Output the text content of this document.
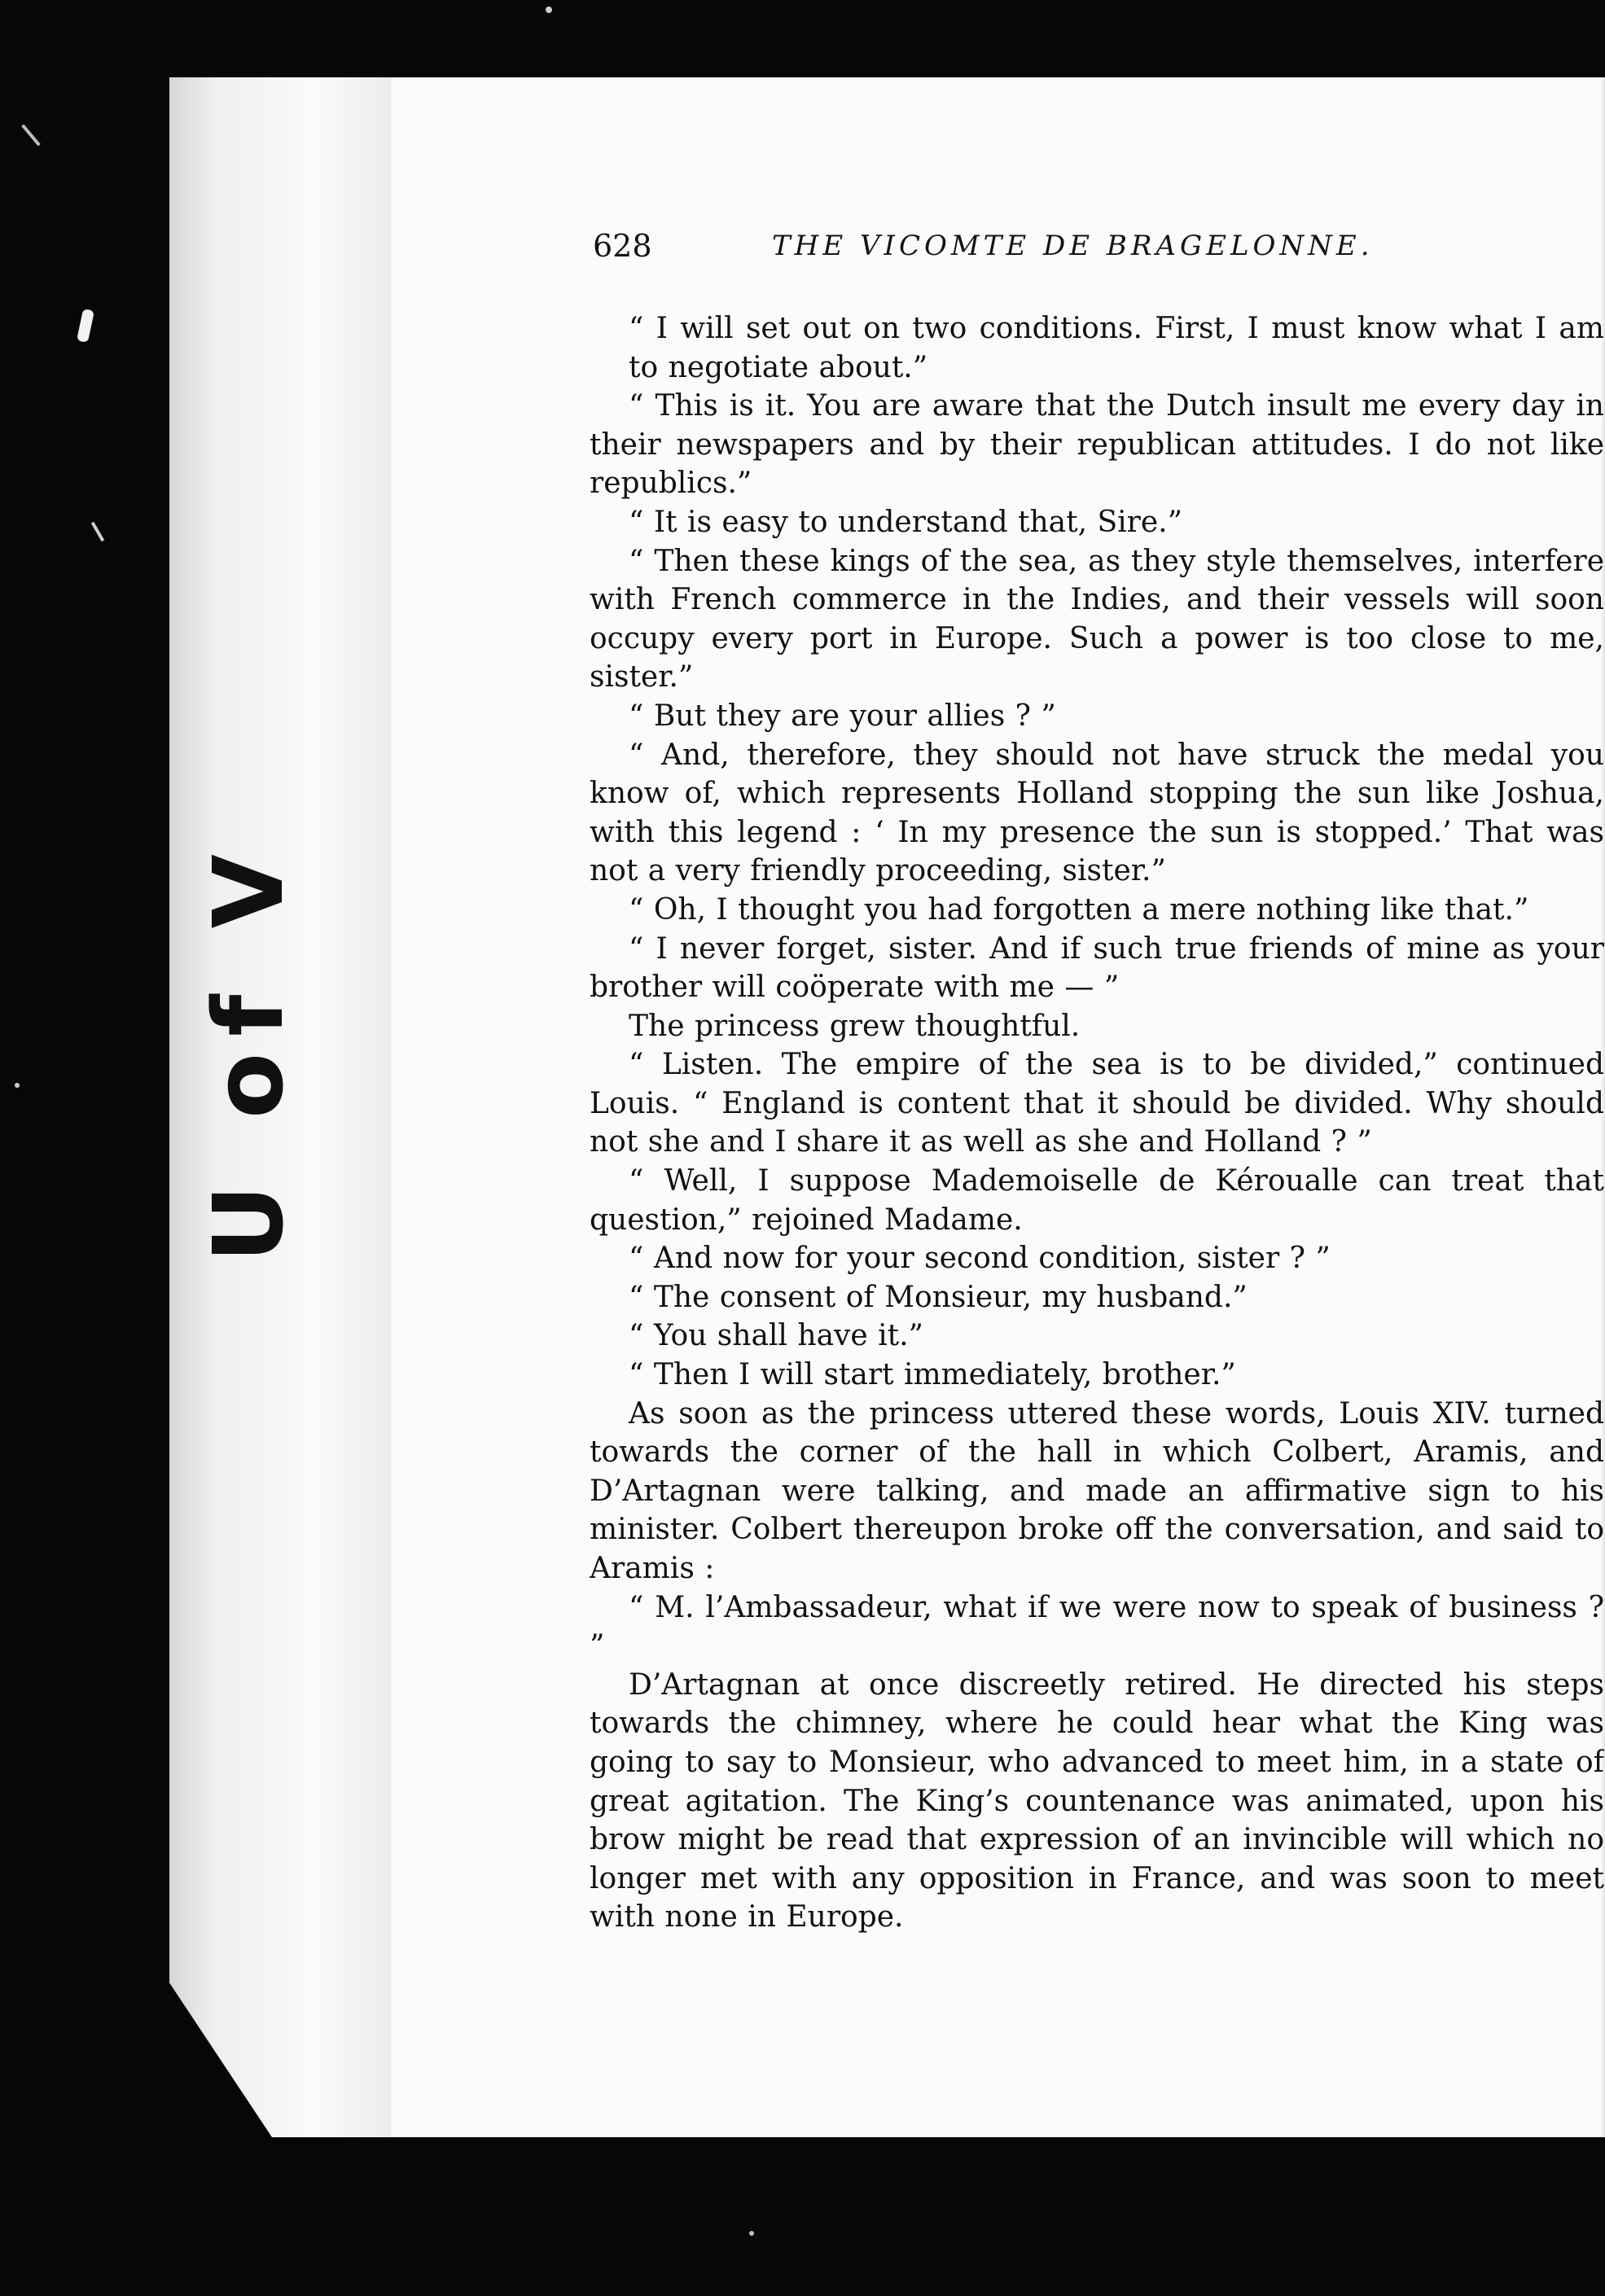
U of V
628	THE VICOMTE DE BRAGELONNE.

“ I will set out on two conditions. First, I must know what I am to negotiate about.”

“ This is it. You are aware that the Dutch insult me every day in their newspapers and by their republican attitudes. I do not like republics.”

“ It is easy to understand that, Sire.”

“ Then these kings of the sea, as they style themselves, interfere with French commerce in the Indies, and their vessels will soon occupy every port in Europe. Such a power is too close to me, sister.”

“ But they are your allies ? ”

“ And, therefore, they should not have struck the medal you know of, which represents Holland stopping the sun like Joshua, with this legend : ‘ In my presence the sun is stopped.’ That was not a very friendly proceeding, sister.”

“ Oh, I thought you had forgotten a mere nothing like that.”

“ I never forget, sister. And if such true friends of mine as your brother will coöperate with me — ”

The princess grew thoughtful.

“ Listen. The empire of the sea is to be divided,” continued Louis. “ England is content that it should be divided. Why should not she and I share it as well as she and Holland ? ”

“ Well, I suppose Mademoiselle de Kéroualle can treat that question,” rejoined Madame.

“ And now for your second condition, sister ? ”

“ The consent of Monsieur, my husband.”

“ You shall have it.”

“ Then I will start immediately, brother.”

As soon as the princess uttered these words, Louis XIV. turned towards the corner of the hall in which Colbert, Aramis, and D’Artagnan were talking, and made an affirmative sign to his minister. Colbert thereupon broke off the conversation, and said to Aramis :

“ M. l’Ambassadeur, what if we were now to speak of business ? ”

D’Artagnan at once discreetly retired. He directed his steps towards the chimney, where he could hear what the King was going to say to Monsieur, who advanced to meet him, in a state of great agitation. The King’s countenance was animated, upon his brow might be read that expression of an invincible will which no longer met with any opposition in France, and was soon to meet with none in Europe.
